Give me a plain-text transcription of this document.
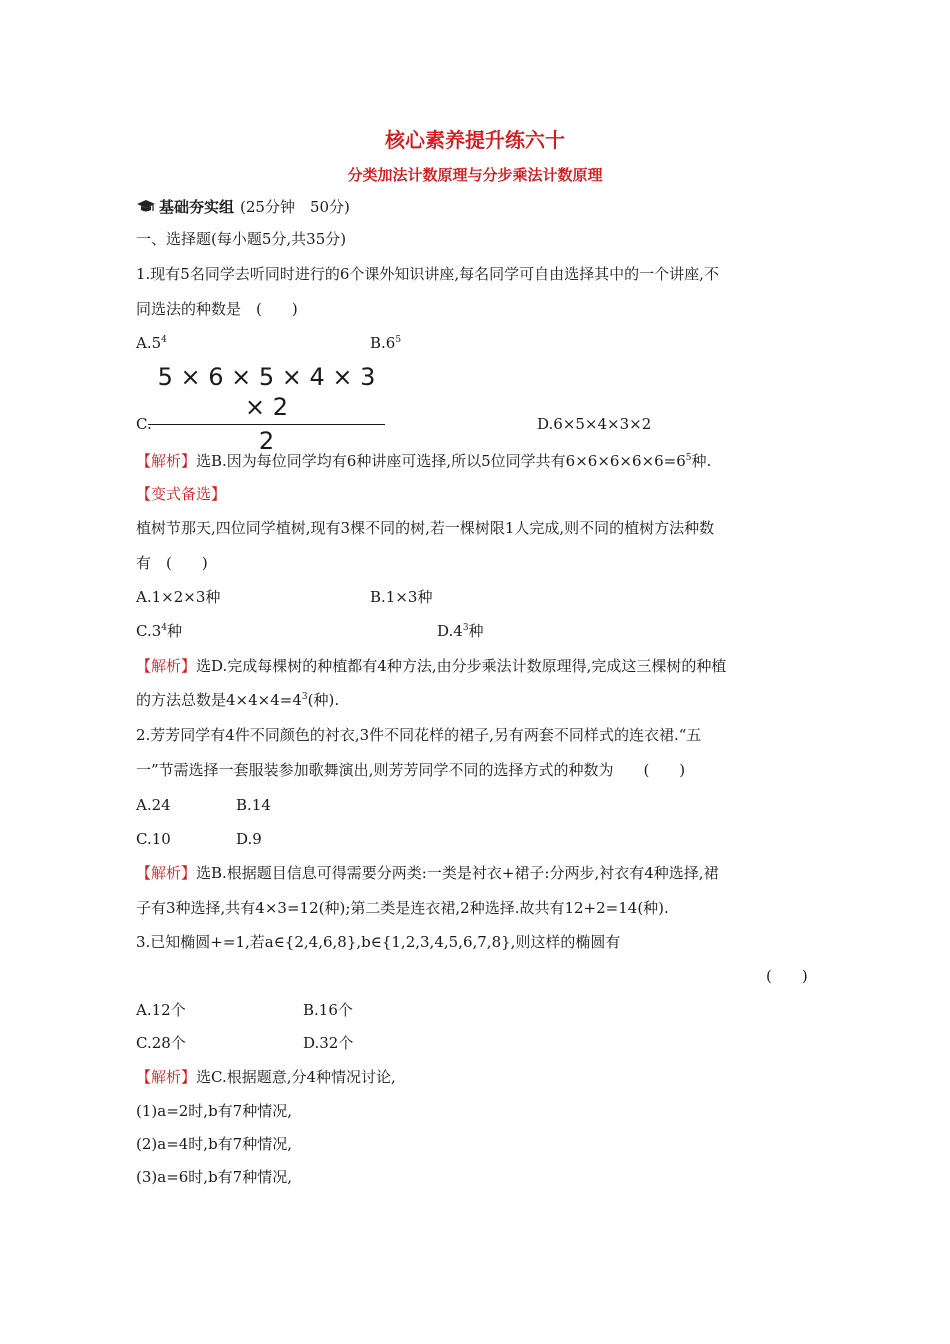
核心素养提升练六十
分类加法计数原理与分步乘法计数原理
基础夯实组 (25分钟　50分)
一、选择题(每小题5分,共35分)
1.现有5名同学去听同时进行的6个课外知识讲座,每名同学可自由选择其中的一个讲座,不
同选法的种数是　(　　)
$A.5^4$	$B.6^5$
$\frac{5 \times 6 \times 5 \times 4 \times 3 \times 2}{2}$
C.	D.6×5×4×3×2
【解析】选B.因为每位同学均有6种讲座可选择,所以5位同学共有$6\times 6\times 6\times 6\times 6=6^5$种.
【变式备选】
植树节那天,四位同学植树,现有3棵不同的树,若一棵树限1人完成,则不同的植树方法种数
有　(　　)
A.1×2×3种	B.1×3种
$C.3^4$种	$D.4^3$种
【解析】选D.完成每棵树的种植都有4种方法,由分步乘法计数原理得,完成这三棵树的种植
的方法总数是$4\times 4\times 4=4^3$(种).
2.芳芳同学有4件不同颜色的衬衣,3件不同花样的裙子,另有两套不同样式的连衣裙.“五
一”节需选择一套服装参加歌舞演出,则芳芳同学不同的选择方式的种数为　　(　　)
A.24	B.14
C.10	D.9
【解析】选B.根据题目信息可得需要分两类:一类是衬衣+裙子:分两步,衬衣有4种选择,裙
子有3种选择,共有4×3=12(种);第二类是连衣裙,2种选择.故共有12+2=14(种).
3.已知椭圆+=1,若a∈{2,4,6,8},b∈{1,2,3,4,5,6,7,8},则这样的椭圆有
(　　)
A.12个	B.16个
C.28个	D.32个
【解析】选C.根据题意,分4种情况讨论,
(1)a=2时,b有7种情况,
(2)a=4时,b有7种情况,
(3)a=6时,b有7种情况,
